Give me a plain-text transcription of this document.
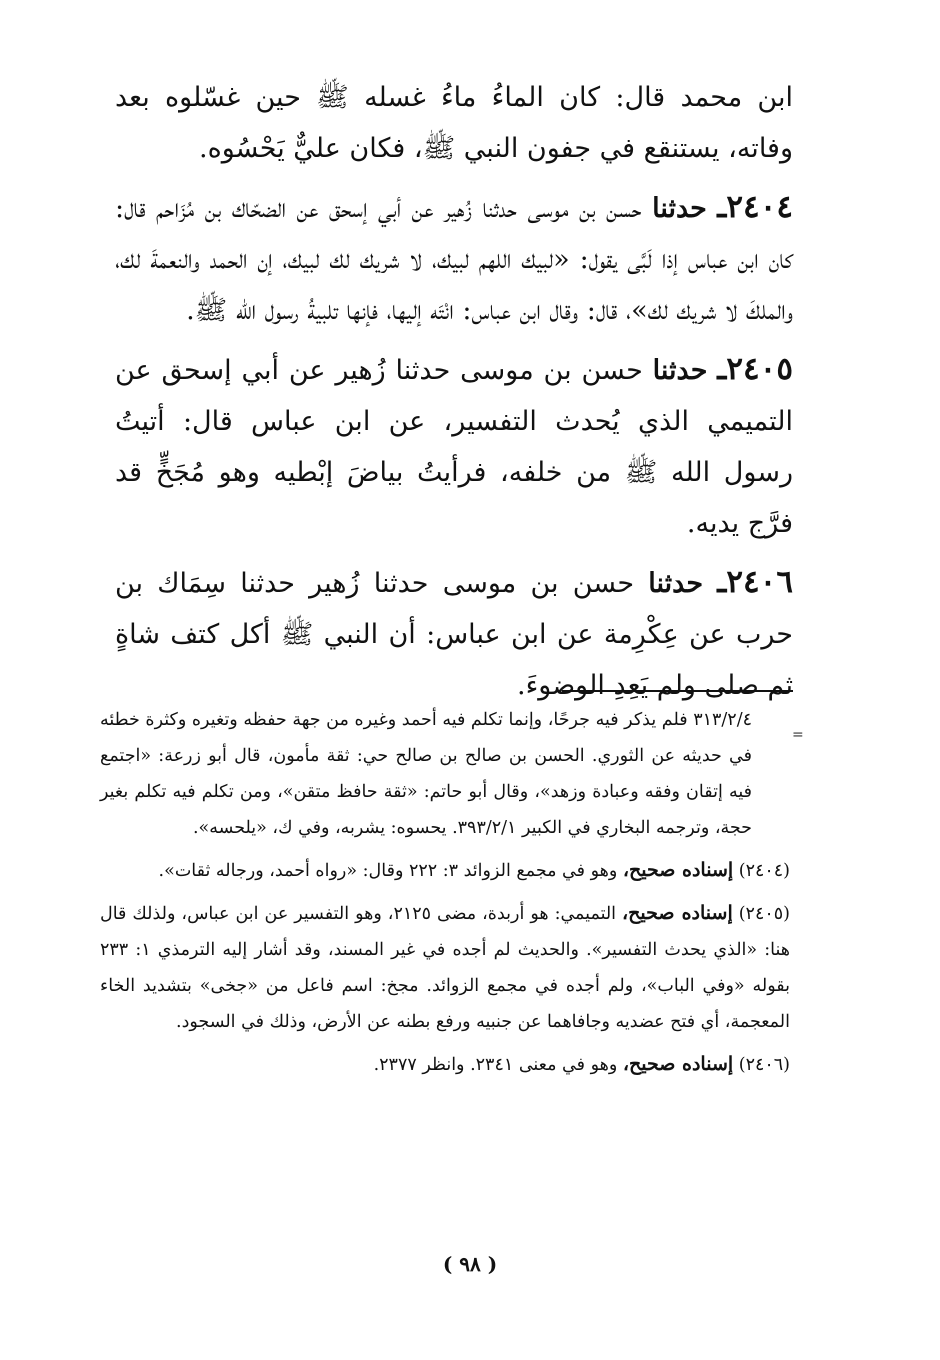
ابن محمد قال: كان الماءُ ماءُ غسله ﷺ حين غسّلوه بعد وفاته، يستنقع في جفون النبي ﷺ، فكان عليٌّ يَحْسُوه.

٢٤٠٤ـ حدثنا حسن بن موسى حدثنا زُهير عن أبي إسحق عن الضحّاك بن مُزَاحم قال: كان ابن عباس إذا لَبَّى يقول: «لبيك اللهم لبيك، لا شريك لك لبيك، إن الحمد والنعمةَ لك، والملكَ لا شريك لك»، قال: وقال ابن عباس: انْتَه إليها، فإنها تلبيةُ رسول الله ﷺ.

٢٤٠٥ـ حدثنا حسن بن موسى حدثنا زُهير عن أبي إسحق عن التميمي الذي يُحدث التفسير، عن ابن عباس قال: أتيتُ رسول الله ﷺ من خلفه، فرأيتُ بياضَ إبْطيه وهو مُجَخٍّ قد فرَّج يديه.

٢٤٠٦ـ حدثنا حسن بن موسى حدثنا زُهير حدثنا سِمَاك بن حرب عن عِكْرِمة عن ابن عباس: أن النبي ﷺ أكل كتف شاةٍ ثم صلى ولم يَعِدِ الوضوءَ.

=

٣١٣/٢/٤ فلم يذكر فيه جرحًا، وإنما تكلم فيه أحمد وغيره من جهة حفظه وتغيره وكثرة خطئه في حديثه عن الثوري. الحسن بن صالح بن صالح حي: ثقة مأمون، قال أبو زرعة: «اجتمع فيه إتقان وفقه وعبادة وزهد»، وقال أبو حاتم: «ثقة حافظ متقن»، ومن تكلم فيه تكلم بغير حجة، وترجمه البخاري في الكبير ٣٩٣/٢/١. يحسوه: يشربه، وفي ك، «يلحسه».

(٢٤٠٤) إسناده صحيح، وهو في مجمع الزوائد ٣: ٢٢٢ وقال: «رواه أحمد، ورجاله ثقات».

(٢٤٠٥) إسناده صحيح، التميمي: هو أربدة، مضى ٢١٢٥، وهو التفسير عن ابن عباس، ولذلك قال هنا: «الذي يحدث التفسير». والحديث لم أجده في غير المسند، وقد أشار إليه الترمذي ١: ٢٣٣ بقوله «وفي الباب»، ولم أجده في مجمع الزوائد. مجخ: اسم فاعل من «جخى» بتشديد الخاء المعجمة، أي فتح عضديه وجافاهما عن جنبيه ورفع بطنه عن الأرض، وذلك في السجود.

(٢٤٠٦) إسناده صحيح، وهو في معنى ٢٣٤١. وانظر ٢٣٧٧.

( ٩٨ )
